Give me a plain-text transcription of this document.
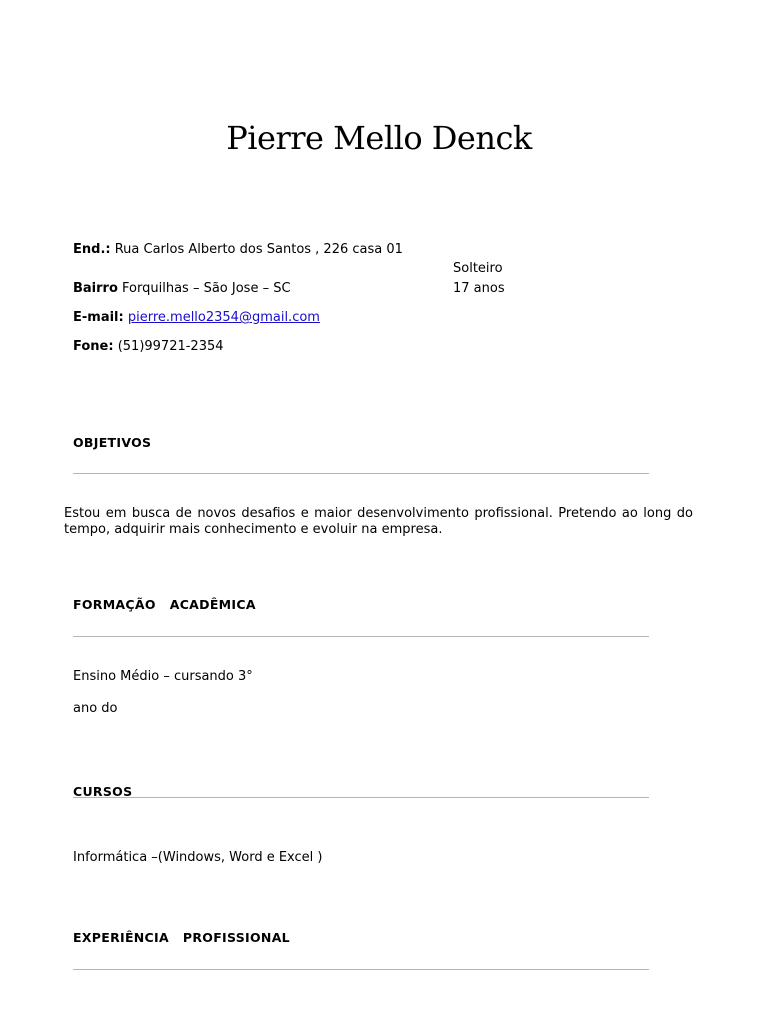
Pierre Mello Denck
End.: Rua Carlos Alberto dos Santos , 226 casa 01
Solteiro
Bairro Forquilhas – São Jose – SC	17 anos
E-mail: pierre.mello2354@gmail.com
Fone: (51)99721-2354
OBJETIVOS
Estou em busca de novos desafios e maior desenvolvimento profissional. Pretendo ao long do tempo, adquirir mais conhecimento e evoluir na empresa.
FORMAÇÃO   ACADÊMICA
Ensino Médio – cursando 3°
ano do
CURSOS
Informática –(Windows, Word e Excel )
EXPERIÊNCIA   PROFISSIONAL
